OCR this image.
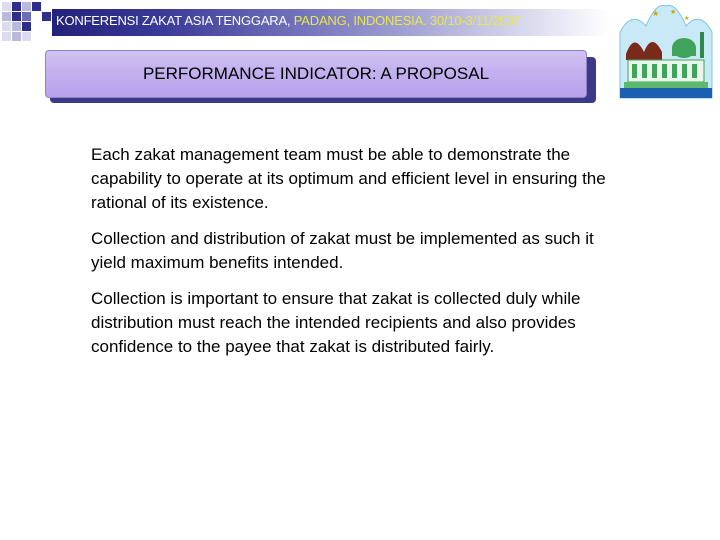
KONFERENSI ZAKAT ASIA TENGGARA, PADANG, INDONESIA. 30/10-3/11/2007	★ ★
★
PERFORMANCE INDICATOR: A PROPOSAL

Each zakat management team must be able to demonstrate the capability to operate at its optimum and efficient level in ensuring the rational of its existence.

Collection and distribution of zakat must be implemented as such it yield maximum benefits intended.

Collection is important to ensure that zakat is collected duly while distribution must reach the intended recipients and also provides confidence to the payee that zakat is distributed fairly.
